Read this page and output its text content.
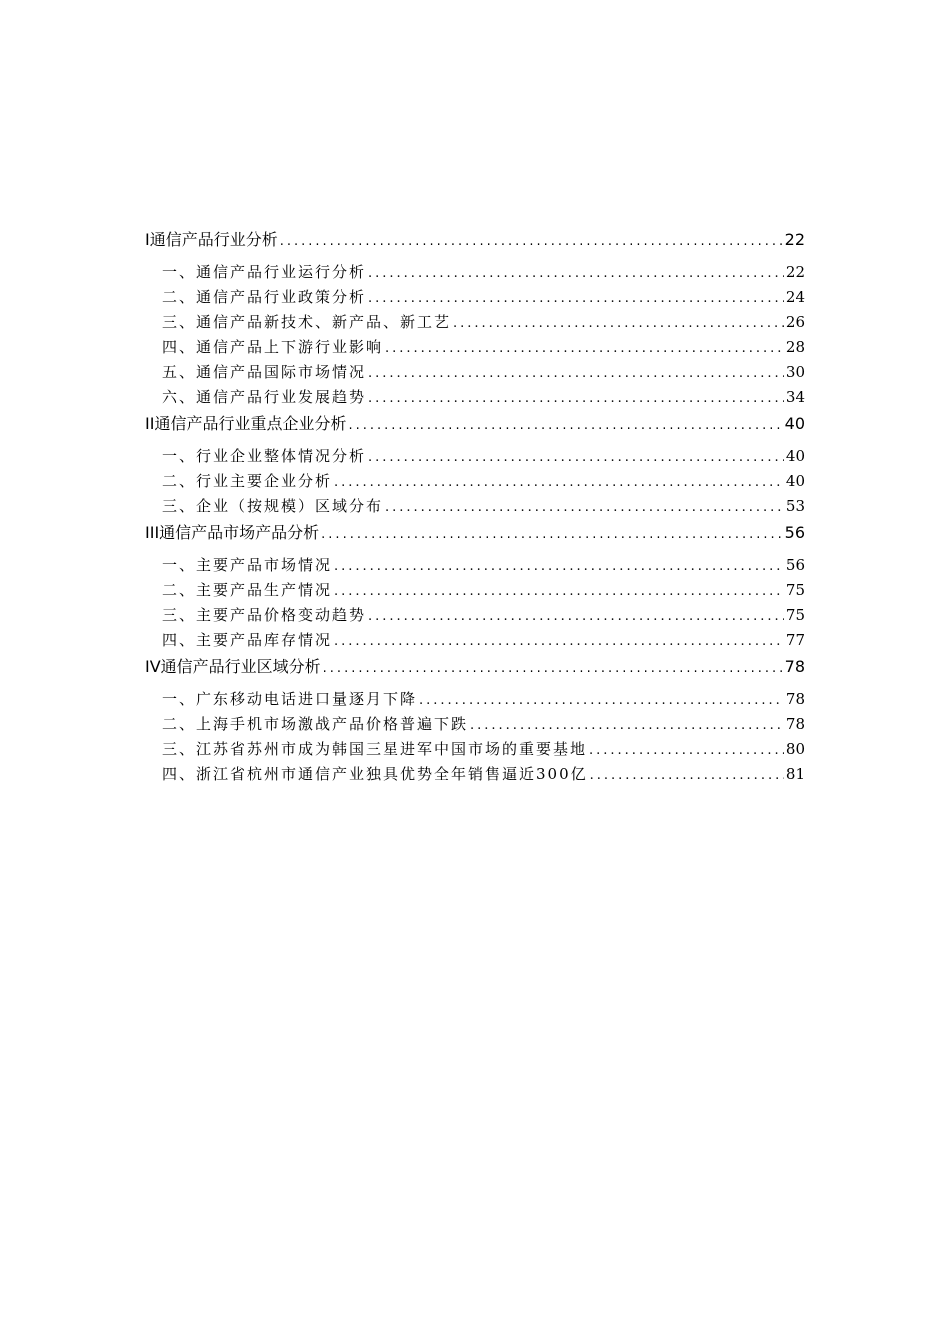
I通信产品行业分析 .....	22
一、通信产品行业运行分析 .....	22
二、通信产品行业政策分析 .....	24
三、通信产品新技术、新产品、新工艺 .....	26
四、通信产品上下游行业影响 .....	28
五、通信产品国际市场情况 .....	30
六、通信产品行业发展趋势 .....	34
II通信产品行业重点企业分析 .....	40
一、行业企业整体情况分析 .....	40
二、行业主要企业分析 .....	40
三、企业（按规模）区域分布 .....	53
III通信产品市场产品分析 .....	56
一、主要产品市场情况 .....	56
二、主要产品生产情况 .....	75
三、主要产品价格变动趋势 .....	75
四、主要产品库存情况 .....	77
IV通信产品行业区域分析 .....	78
一、广东移动电话进口量逐月下降 .....	78
二、上海手机市场激战产品价格普遍下跌 .....	78
三、江苏省苏州市成为韩国三星进军中国市场的重要基地 .....	80
四、浙江省杭州市通信产业独具优势全年销售逼近300亿 .....	81
